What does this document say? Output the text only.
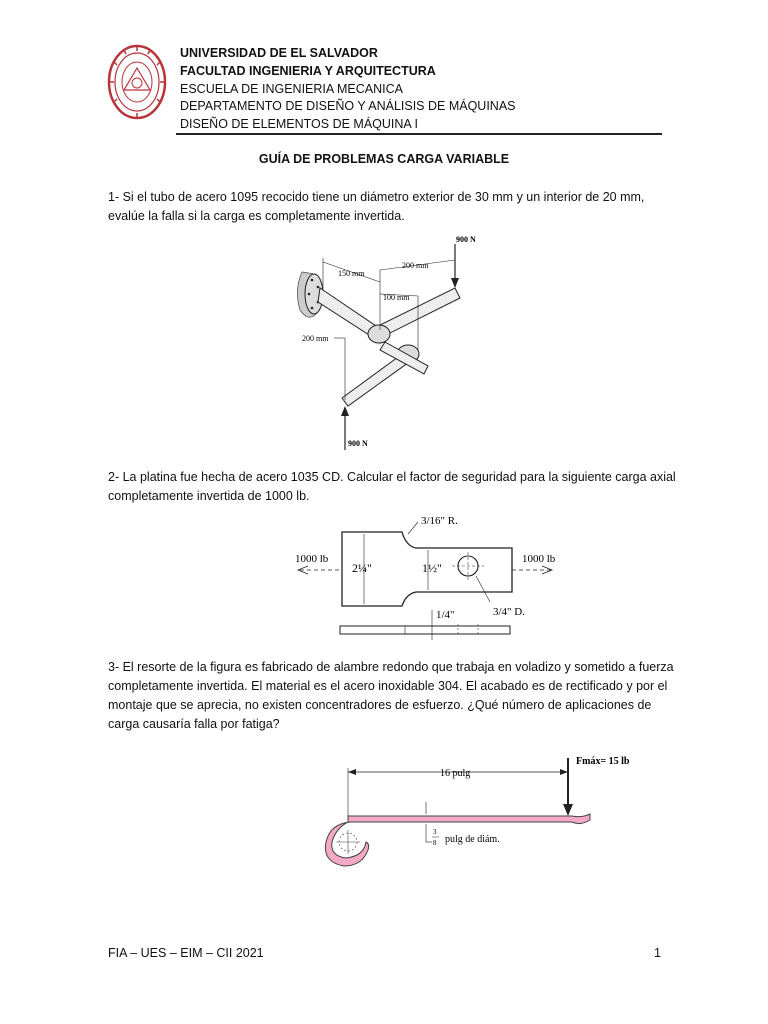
UNIVERSIDAD DE EL SALVADOR
FACULTAD INGENIERIA Y ARQUITECTURA
ESCUELA DE INGENIERIA MECANICA
DEPARTAMENTO DE DISEÑO Y ANÁLISIS DE MÁQUINAS
DISEÑO DE ELEMENTOS DE MÁQUINA I
GUÍA DE PROBLEMAS CARGA VARIABLE
1- Si el tubo de acero 1095 recocido tiene un diámetro exterior de 30 mm y un interior de 20 mm,
evalúe la falla si la carga es completamente invertida.
900 N
900 N
150 mm
200 mm
100 mm
200 mm
2- La platina fue hecha de acero 1035 CD. Calcular el factor de seguridad para la siguiente carga axial
completamente invertida de 1000 lb.
1000 lb	1000 lb
3/16" R.
2¼"	1½"
3/4" D.
1/4"
3- El resorte de la figura es fabricado de alambre redondo que trabaja en voladizo y sometido a fuerza
completamente invertida. El material es el acero inoxidable 304. El acabado es de rectificado y por el
montaje que se aprecia, no existen concentradores de esfuerzo. ¿Qué número de aplicaciones de
carga causaría falla por fatiga?
Fmáx= 15 lb
16 pulg
3
8 pulg de diám.
FIA – UES – EIM – CII 2021	1
